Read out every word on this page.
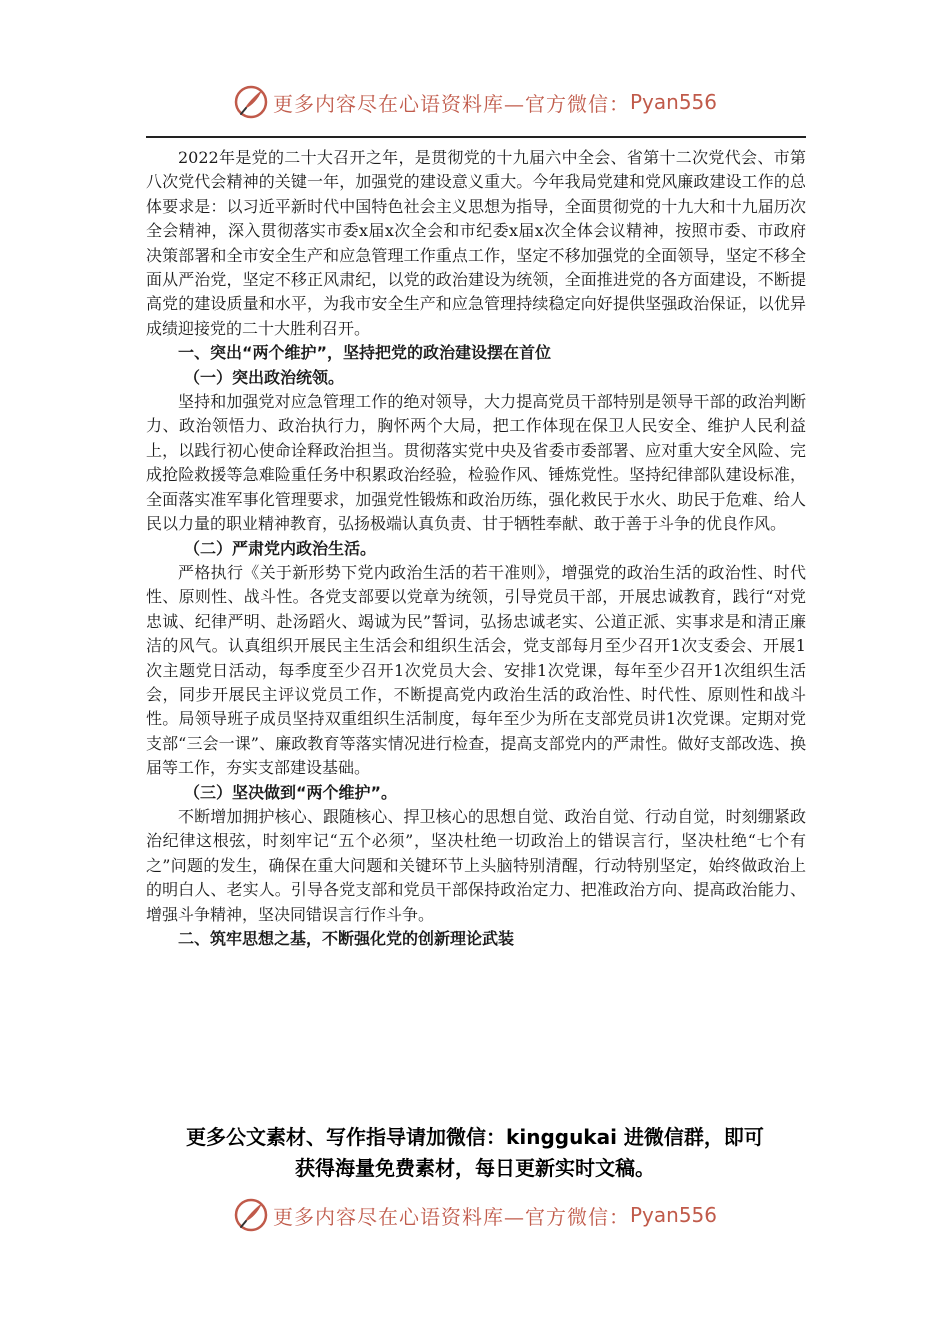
更多内容尽在心语资料库—官方微信： Pyan556

2022年是党的二十大召开之年，是贯彻党的十九届六中全会、省第十二次党代会、市第八次党代会精神的关键一年，加强党的建设意义重大。今年我局党建和党风廉政建设工作的总体要求是：以习近平新时代中国特色社会主义思想为指导，全面贯彻党的十九大和十九届历次全会精神，深入贯彻落实市委x届x次全会和市纪委x届x次全体会议精神，按照市委、市政府决策部署和全市安全生产和应急管理工作重点工作，坚定不移加强党的全面领导，坚定不移全面从严治党，坚定不移正风肃纪，以党的政治建设为统领，全面推进党的各方面建设，不断提高党的建设质量和水平，为我市安全生产和应急管理持续稳定向好提供坚强政治保证，以优异成绩迎接党的二十大胜利召开。

一、突出“两个维护”，坚持把党的政治建设摆在首位

（一）突出政治统领。

坚持和加强党对应急管理工作的绝对领导，大力提高党员干部特别是领导干部的政治判断力、政治领悟力、政治执行力，胸怀两个大局，把工作体现在保卫人民安全、维护人民利益上，以践行初心使命诠释政治担当。贯彻落实党中央及省委市委部署、应对重大安全风险、完成抢险救援等急难险重任务中积累政治经验，检验作风、锤炼党性。坚持纪律部队建设标准，全面落实准军事化管理要求，加强党性锻炼和政治历练，强化救民于水火、助民于危难、给人民以力量的职业精神教育，弘扬极端认真负责、甘于牺牲奉献、敢于善于斗争的优良作风。

（二）严肃党内政治生活。

严格执行《关于新形势下党内政治生活的若干准则》，增强党的政治生活的政治性、时代性、原则性、战斗性。各党支部要以党章为统领，引导党员干部，开展忠诚教育，践行“对党忠诚、纪律严明、赴汤蹈火、竭诚为民”誓词，弘扬忠诚老实、公道正派、实事求是和清正廉洁的风气。认真组织开展民主生活会和组织生活会，党支部每月至少召开1次支委会、开展1次主题党日活动，每季度至少召开1次党员大会、安排1次党课，每年至少召开1次组织生活会，同步开展民主评议党员工作，不断提高党内政治生活的政治性、时代性、原则性和战斗性。局领导班子成员坚持双重组织生活制度，每年至少为所在支部党员讲1次党课。定期对党支部“三会一课”、廉政教育等落实情况进行检查，提高支部党内的严肃性。做好支部改选、换届等工作，夯实支部建设基础。

（三）坚决做到“两个维护”。

不断增加拥护核心、跟随核心、捍卫核心的思想自觉、政治自觉、行动自觉，时刻绷紧政治纪律这根弦，时刻牢记“五个必须”，坚决杜绝一切政治上的错误言行，坚决杜绝“七个有之”问题的发生，确保在重大问题和关键环节上头脑特别清醒，行动特别坚定，始终做政治上的明白人、老实人。引导各党支部和党员干部保持政治定力、把准政治方向、提高政治能力、增强斗争精神，坚决同错误言行作斗争。

二、筑牢思想之基，不断强化党的创新理论武装

更多公文素材、写作指导请加微信：kinggukai 进微信群，即可
获得海量免费素材，每日更新实时文稿。
更多内容尽在心语资料库—官方微信： Pyan556
